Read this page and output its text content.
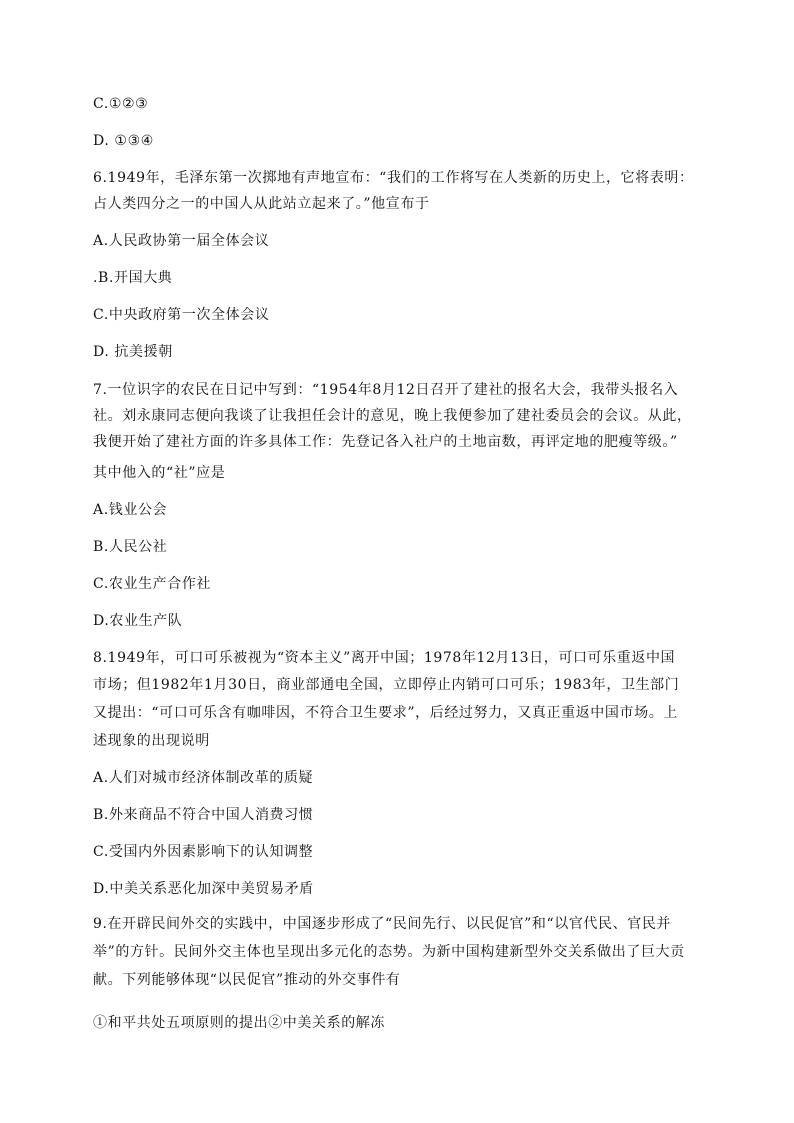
C.①②③
D. ①③④
6.1949年，毛泽东第一次掷地有声地宣布：“我们的工作将写在人类新的历史上，它将表明：
占人类四分之一的中国人从此站立起来了。”他宣布于
A.人民政协第一届全体会议
.B.开国大典
C.中央政府第一次全体会议
D. 抗美援朝
7.一位识字的农民在日记中写到：“1954年8月12日召开了建社的报名大会，我带头报名入
社。刘永康同志便向我谈了让我担任会计的意见，晚上我便参加了建社委员会的会议。从此，
我便开始了建社方面的许多具体工作：先登记各入社户的土地亩数，再评定地的肥瘦等级。”
其中他入的“社”应是
A.钱业公会
B.人民公社
C.农业生产合作社
D.农业生产队
8.1949年，可口可乐被视为“资本主义”离开中国；1978年12月13日，可口可乐重返中国
市场；但1982年1月30日，商业部通电全国，立即停止内销可口可乐；1983年，卫生部门
又提出：“可口可乐含有咖啡因，不符合卫生要求”，后经过努力，又真正重返中国市场。上
述现象的出现说明
A.人们对城市经济体制改革的质疑
B.外来商品不符合中国人消费习惯
C.受国内外因素影响下的认知调整
D.中美关系恶化加深中美贸易矛盾
9.在开辟民间外交的实践中，中国逐步形成了“民间先行、以民促官”和“以官代民、官民并
举”的方针。民间外交主体也呈现出多元化的态势。为新中国构建新型外交关系做出了巨大贡
献。下列能够体现“以民促官”推动的外交事件有
①和平共处五项原则的提出②中美关系的解冻
